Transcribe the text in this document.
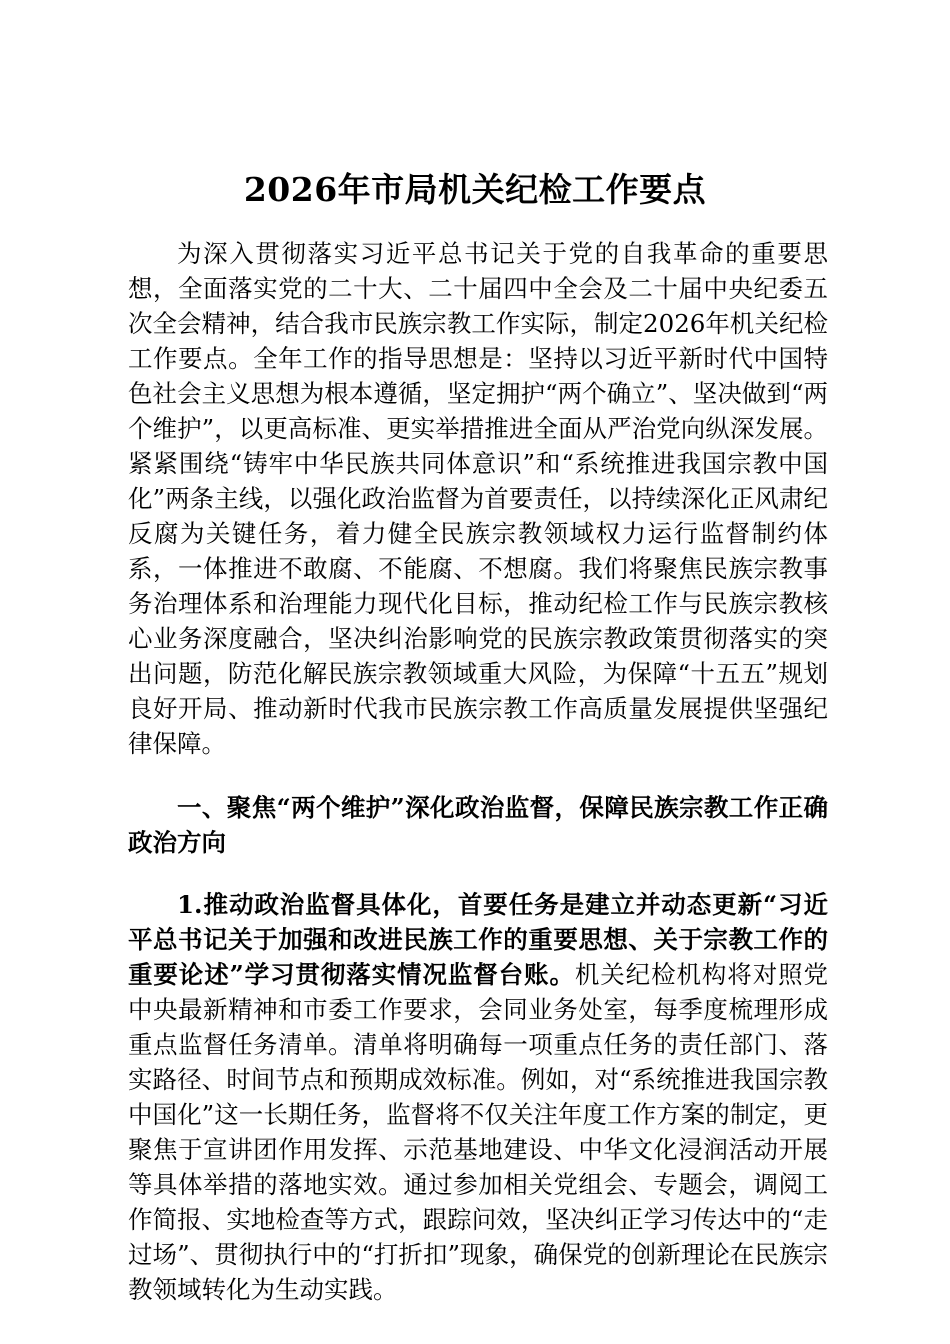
2026年市局机关纪检工作要点

为深入贯彻落实习近平总书记关于党的自我革命的重要思想，全面落实党的二十大、二十届四中全会及二十届中央纪委五次全会精神，结合我市民族宗教工作实际，制定2026年机关纪检工作要点。全年工作的指导思想是：坚持以习近平新时代中国特色社会主义思想为根本遵循，坚定拥护“两个确立”、坚决做到“两个维护”，以更高标准、更实举措推进全面从严治党向纵深发展。紧紧围绕“铸牢中华民族共同体意识”和“系统推进我国宗教中国化”两条主线，以强化政治监督为首要责任，以持续深化正风肃纪反腐为关键任务，着力健全民族宗教领域权力运行监督制约体系，一体推进不敢腐、不能腐、不想腐。我们将聚焦民族宗教事务治理体系和治理能力现代化目标，推动纪检工作与民族宗教核心业务深度融合，坚决纠治影响党的民族宗教政策贯彻落实的突出问题，防范化解民族宗教领域重大风险，为保障“十五五”规划良好开局、推动新时代我市民族宗教工作高质量发展提供坚强纪律保障。

一、聚焦“两个维护”深化政治监督，保障民族宗教工作正确政治方向

1.推动政治监督具体化，首要任务是建立并动态更新“习近平总书记关于加强和改进民族工作的重要思想、关于宗教工作的重要论述”学习贯彻落实情况监督台账。机关纪检机构将对照党中央最新精神和市委工作要求，会同业务处室，每季度梳理形成重点监督任务清单。清单将明确每一项重点任务的责任部门、落实路径、时间节点和预期成效标准。例如，对“系统推进我国宗教中国化”这一长期任务，监督将不仅关注年度工作方案的制定，更聚焦于宣讲团作用发挥、示范基地建设、中华文化浸润活动开展等具体举措的落地实效。通过参加相关党组会、专题会，调阅工作简报、实地检查等方式，跟踪问效，坚决纠正学习传达中的“走过场”、贯彻执行中的“打折扣”现象，确保党的创新理论在民族宗教领域转化为生动实践。
